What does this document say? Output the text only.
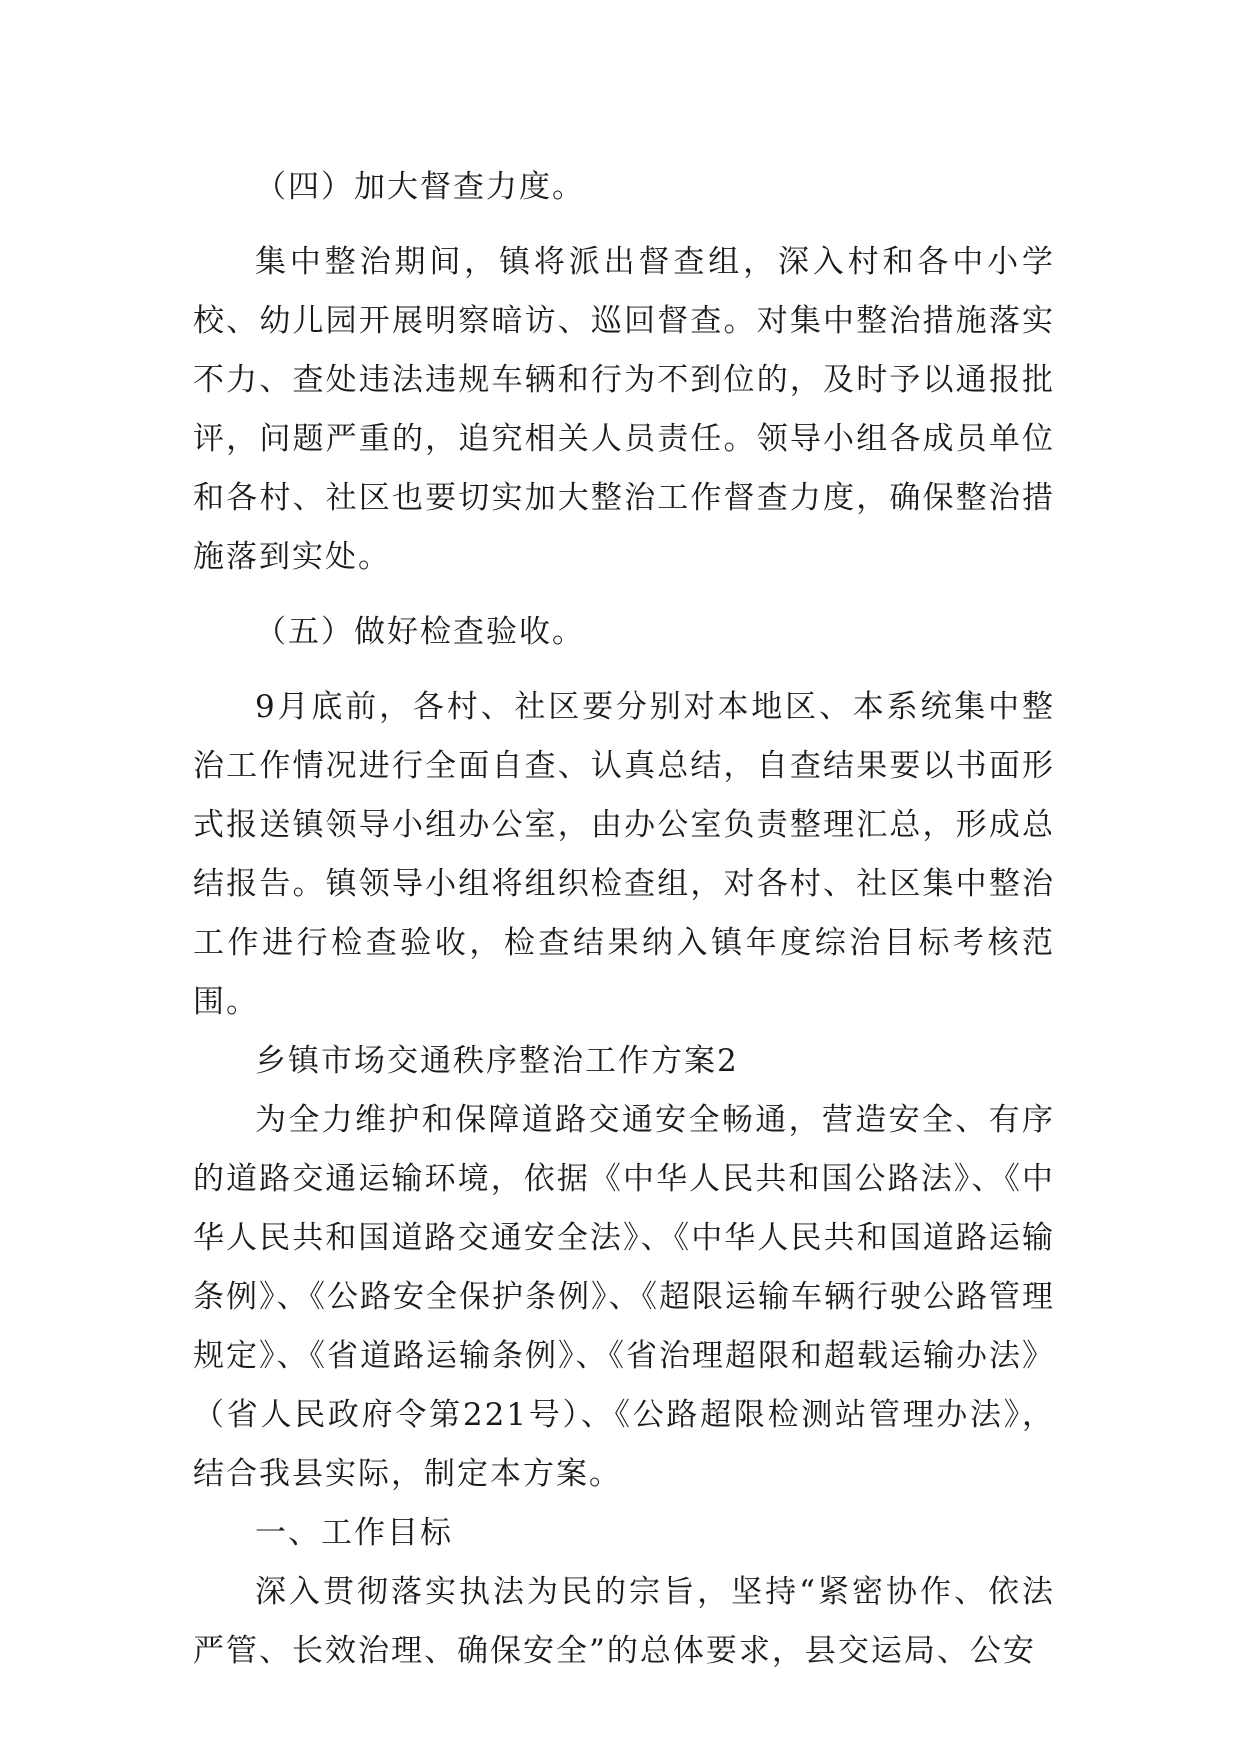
（四）加大督查力度。

集中整治期间，镇将派出督查组，深入村和各中小学校、幼儿园开展明察暗访、巡回督查。对集中整治措施落实不力、查处违法违规车辆和行为不到位的，及时予以通报批评，问题严重的，追究相关人员责任。领导小组各成员单位和各村、社区也要切实加大整治工作督查力度，确保整治措施落到实处。

（五）做好检查验收。

9月底前，各村、社区要分别对本地区、本系统集中整治工作情况进行全面自查、认真总结，自查结果要以书面形式报送镇领导小组办公室，由办公室负责整理汇总，形成总结报告。镇领导小组将组织检查组，对各村、社区集中整治工作进行检查验收，检查结果纳入镇年度综治目标考核范围。

乡镇市场交通秩序整治工作方案2

为全力维护和保障道路交通安全畅通，营造安全、有序的道路交通运输环境，依据《中华人民共和国公路法》、《中华人民共和国道路交通安全法》、《中华人民共和国道路运输条例》、《公路安全保护条例》、《超限运输车辆行驶公路管理规定》、《省道路运输条例》、《省治理超限和超载运输办法》（省人民政府令第221号）、《公路超限检测站管理办法》，结合我县实际，制定本方案。

一、工作目标

深入贯彻落实执法为民的宗旨，坚持“紧密协作、依法严管、长效治理、确保安全”的总体要求，县交运局、公安
